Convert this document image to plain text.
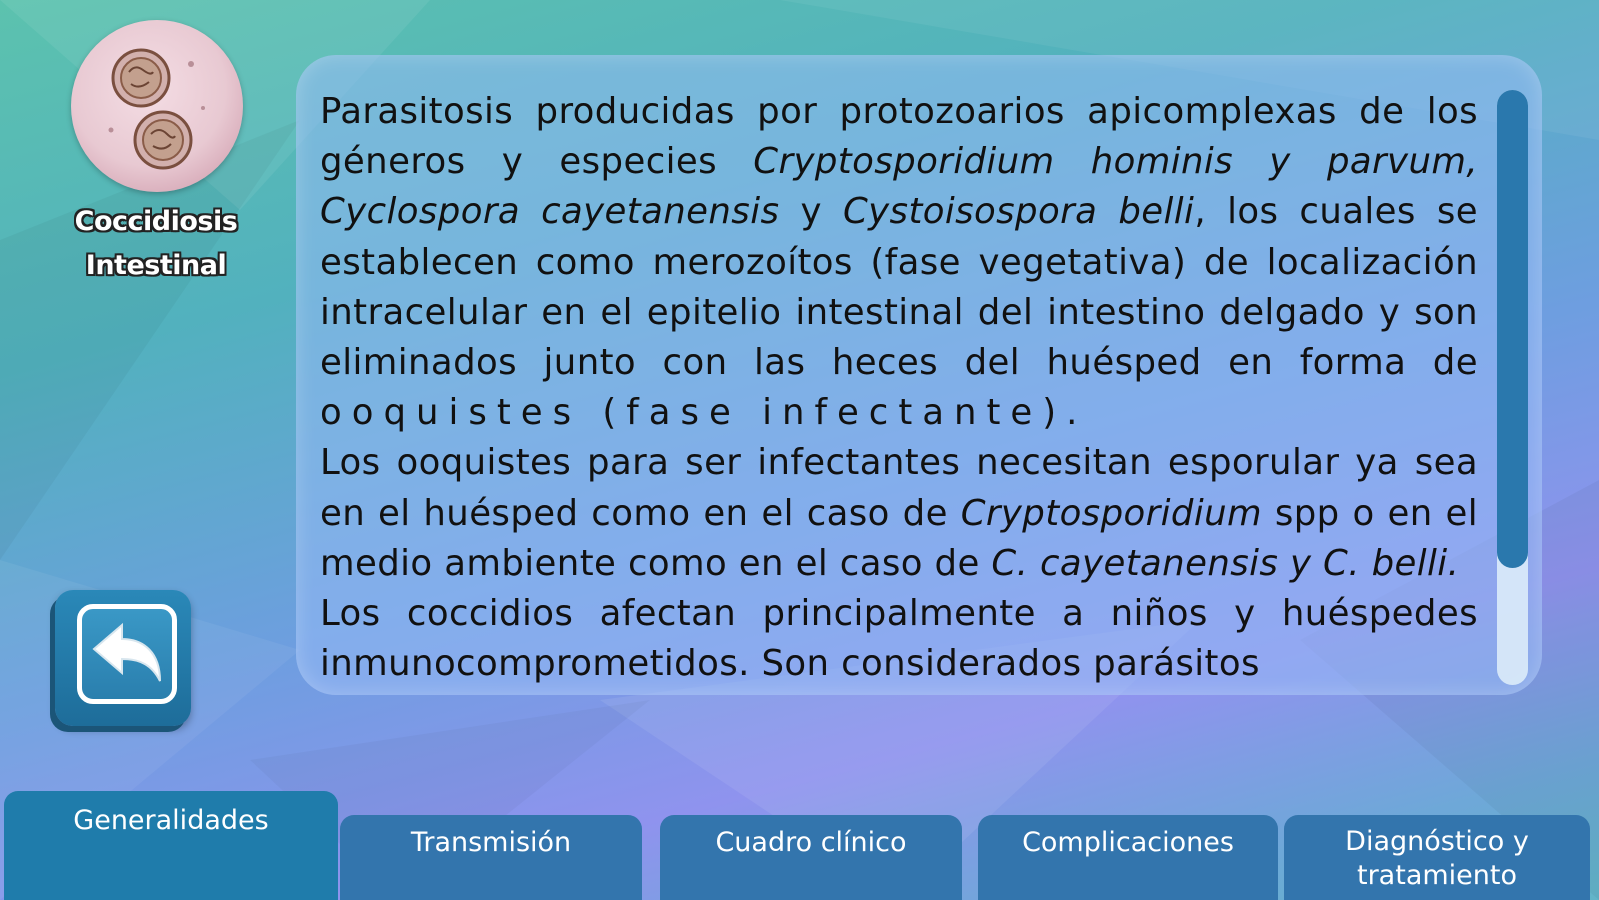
Coccidiosis
Intestinal

Parasitosis producidas por protozoarios apicomplexas de los géneros y especies Cryptosporidium hominis y parvum, Cyclospora cayetanensis y Cystoisospora belli, los cuales se establecen como merozoítos (fase vegetativa) de localización intracelular en el epitelio intestinal del intestino delgado y son eliminados junto con las heces del huésped en forma de ooquistes (fase infectante).

Los ooquistes para ser infectantes necesitan esporular ya sea en el huésped como en el caso de Cryptosporidium spp o en el medio ambiente como en el caso de C. cayetanensis y C. belli.

Los coccidios afectan principalmente a niños y huéspedes inmunocomprometidos. Son considerados parásitos

Generalidades
Transmisión	Cuadro clínico	Complicaciones	Diagnóstico y
tratamiento
